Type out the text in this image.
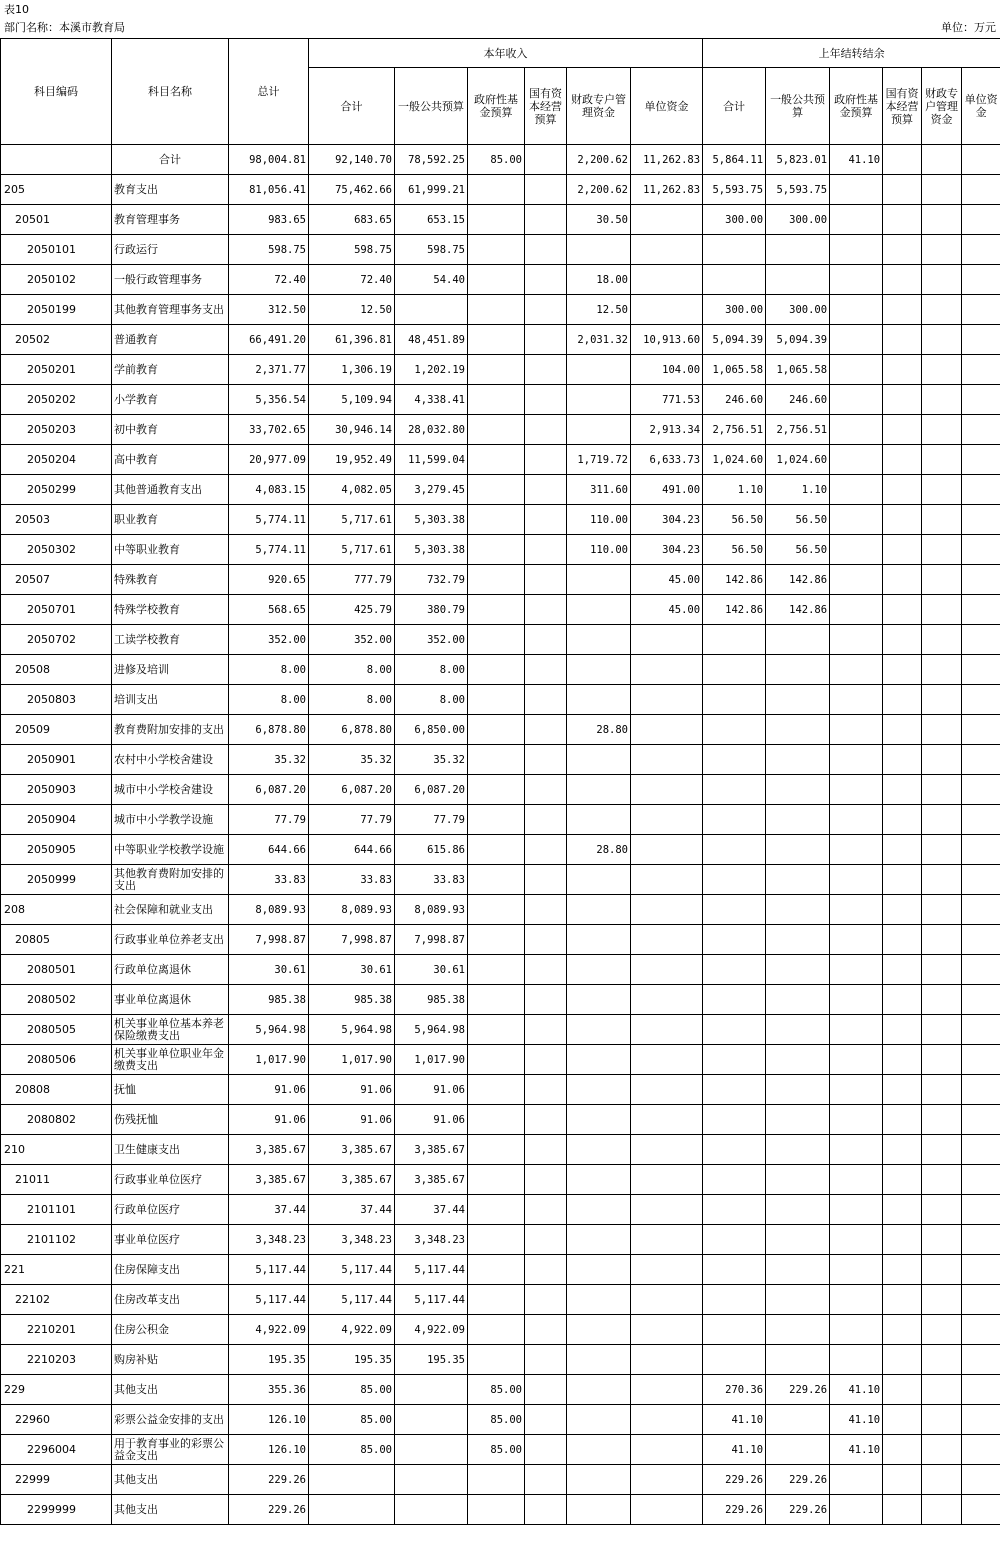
表10
部门名称：本溪市教育局	单位：万元
科目编码	科目名称	总计	本年收入						上年结转结余					
			合计	一般公共预算	政府性基金预算	国有资本经营预算	财政专户管理资金	单位资金	合计	一般公共预算	政府性基金预算	国有资本经营预算	财政专户管理资金	单位资金
	合计	98,004.81	92,140.70	78,592.25	85.00		2,200.62	11,262.83	5,864.11	5,823.01	41.10			
205	教育支出	81,056.41	75,462.66	61,999.21			2,200.62	11,262.83	5,593.75	5,593.75				
20501	教育管理事务	983.65	683.65	653.15			30.50		300.00	300.00				
2050101	行政运行	598.75	598.75	598.75										
2050102	一般行政管理事务	72.40	72.40	54.40			18.00							
2050199	其他教育管理事务支出	312.50	12.50				12.50		300.00	300.00				
20502	普通教育	66,491.20	61,396.81	48,451.89			2,031.32	10,913.60	5,094.39	5,094.39				
2050201	学前教育	2,371.77	1,306.19	1,202.19				104.00	1,065.58	1,065.58				
2050202	小学教育	5,356.54	5,109.94	4,338.41				771.53	246.60	246.60				
2050203	初中教育	33,702.65	30,946.14	28,032.80				2,913.34	2,756.51	2,756.51				
2050204	高中教育	20,977.09	19,952.49	11,599.04			1,719.72	6,633.73	1,024.60	1,024.60				
2050299	其他普通教育支出	4,083.15	4,082.05	3,279.45			311.60	491.00	1.10	1.10				
20503	职业教育	5,774.11	5,717.61	5,303.38			110.00	304.23	56.50	56.50				
2050302	中等职业教育	5,774.11	5,717.61	5,303.38			110.00	304.23	56.50	56.50				
20507	特殊教育	920.65	777.79	732.79				45.00	142.86	142.86				
2050701	特殊学校教育	568.65	425.79	380.79				45.00	142.86	142.86				
2050702	工读学校教育	352.00	352.00	352.00										
20508	进修及培训	8.00	8.00	8.00										
2050803	培训支出	8.00	8.00	8.00										
20509	教育费附加安排的支出	6,878.80	6,878.80	6,850.00			28.80							
2050901	农村中小学校舍建设	35.32	35.32	35.32										
2050903	城市中小学校舍建设	6,087.20	6,087.20	6,087.20										
2050904	城市中小学教学设施	77.79	77.79	77.79										
2050905	中等职业学校教学设施	644.66	644.66	615.86			28.80							
2050999	其他教育费附加安排的支出	33.83	33.83	33.83										
208	社会保障和就业支出	8,089.93	8,089.93	8,089.93										
20805	行政事业单位养老支出	7,998.87	7,998.87	7,998.87										
2080501	行政单位离退休	30.61	30.61	30.61										
2080502	事业单位离退休	985.38	985.38	985.38										
2080505	机关事业单位基本养老保险缴费支出	5,964.98	5,964.98	5,964.98										
2080506	机关事业单位职业年金缴费支出	1,017.90	1,017.90	1,017.90										
20808	抚恤	91.06	91.06	91.06										
2080802	伤残抚恤	91.06	91.06	91.06										
210	卫生健康支出	3,385.67	3,385.67	3,385.67										
21011	行政事业单位医疗	3,385.67	3,385.67	3,385.67										
2101101	行政单位医疗	37.44	37.44	37.44										
2101102	事业单位医疗	3,348.23	3,348.23	3,348.23										
221	住房保障支出	5,117.44	5,117.44	5,117.44										
22102	住房改革支出	5,117.44	5,117.44	5,117.44										
2210201	住房公积金	4,922.09	4,922.09	4,922.09										
2210203	购房补贴	195.35	195.35	195.35										
229	其他支出	355.36	85.00		85.00				270.36	229.26	41.10			
22960	彩票公益金安排的支出	126.10	85.00		85.00				41.10		41.10			
2296004	用于教育事业的彩票公益金支出	126.10	85.00		85.00				41.10		41.10			
22999	其他支出	229.26							229.26	229.26				
2299999	其他支出	229.26							229.26	229.26				
